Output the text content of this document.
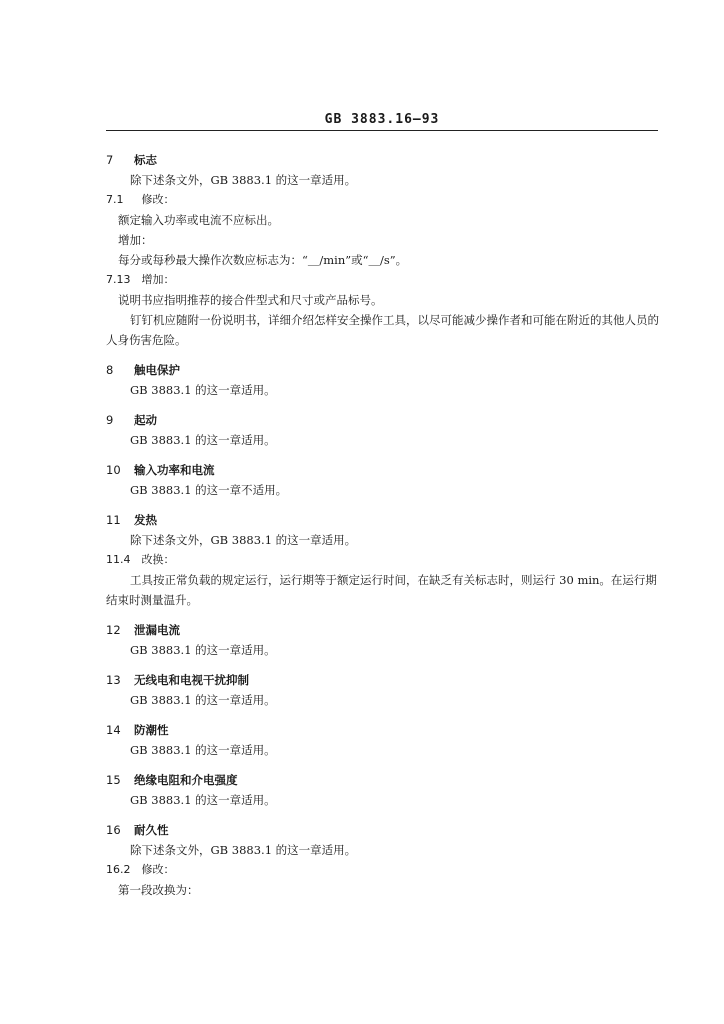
GB 3883.16—93
7 标志
除下述条文外，GB 3883.1 的这一章适用。
7.1 修改：
额定输入功率或电流不应标出。
增加：
每分或每秒最大操作次数应标志为：“＿/min”或“＿/s”。
7.13 增加：
说明书应指明推荐的接合件型式和尺寸或产品标号。
钉钉机应随附一份说明书，详细介绍怎样安全操作工具，以尽可能减少操作者和可能在附近的其他人员的人身伤害危险。
8 触电保护
GB 3883.1 的这一章适用。
9 起动
GB 3883.1 的这一章适用。
10 输入功率和电流
GB 3883.1 的这一章不适用。
11 发热
除下述条文外，GB 3883.1 的这一章适用。
11.4 改换：
工具按正常负载的规定运行，运行期等于额定运行时间，在缺乏有关标志时，则运行 30 min。在运行期结束时测量温升。
12 泄漏电流
GB 3883.1 的这一章适用。
13 无线电和电视干扰抑制
GB 3883.1 的这一章适用。
14 防潮性
GB 3883.1 的这一章适用。
15 绝缘电阻和介电强度
GB 3883.1 的这一章适用。
16 耐久性
除下述条文外，GB 3883.1 的这一章适用。
16.2 修改：
第一段改换为：
